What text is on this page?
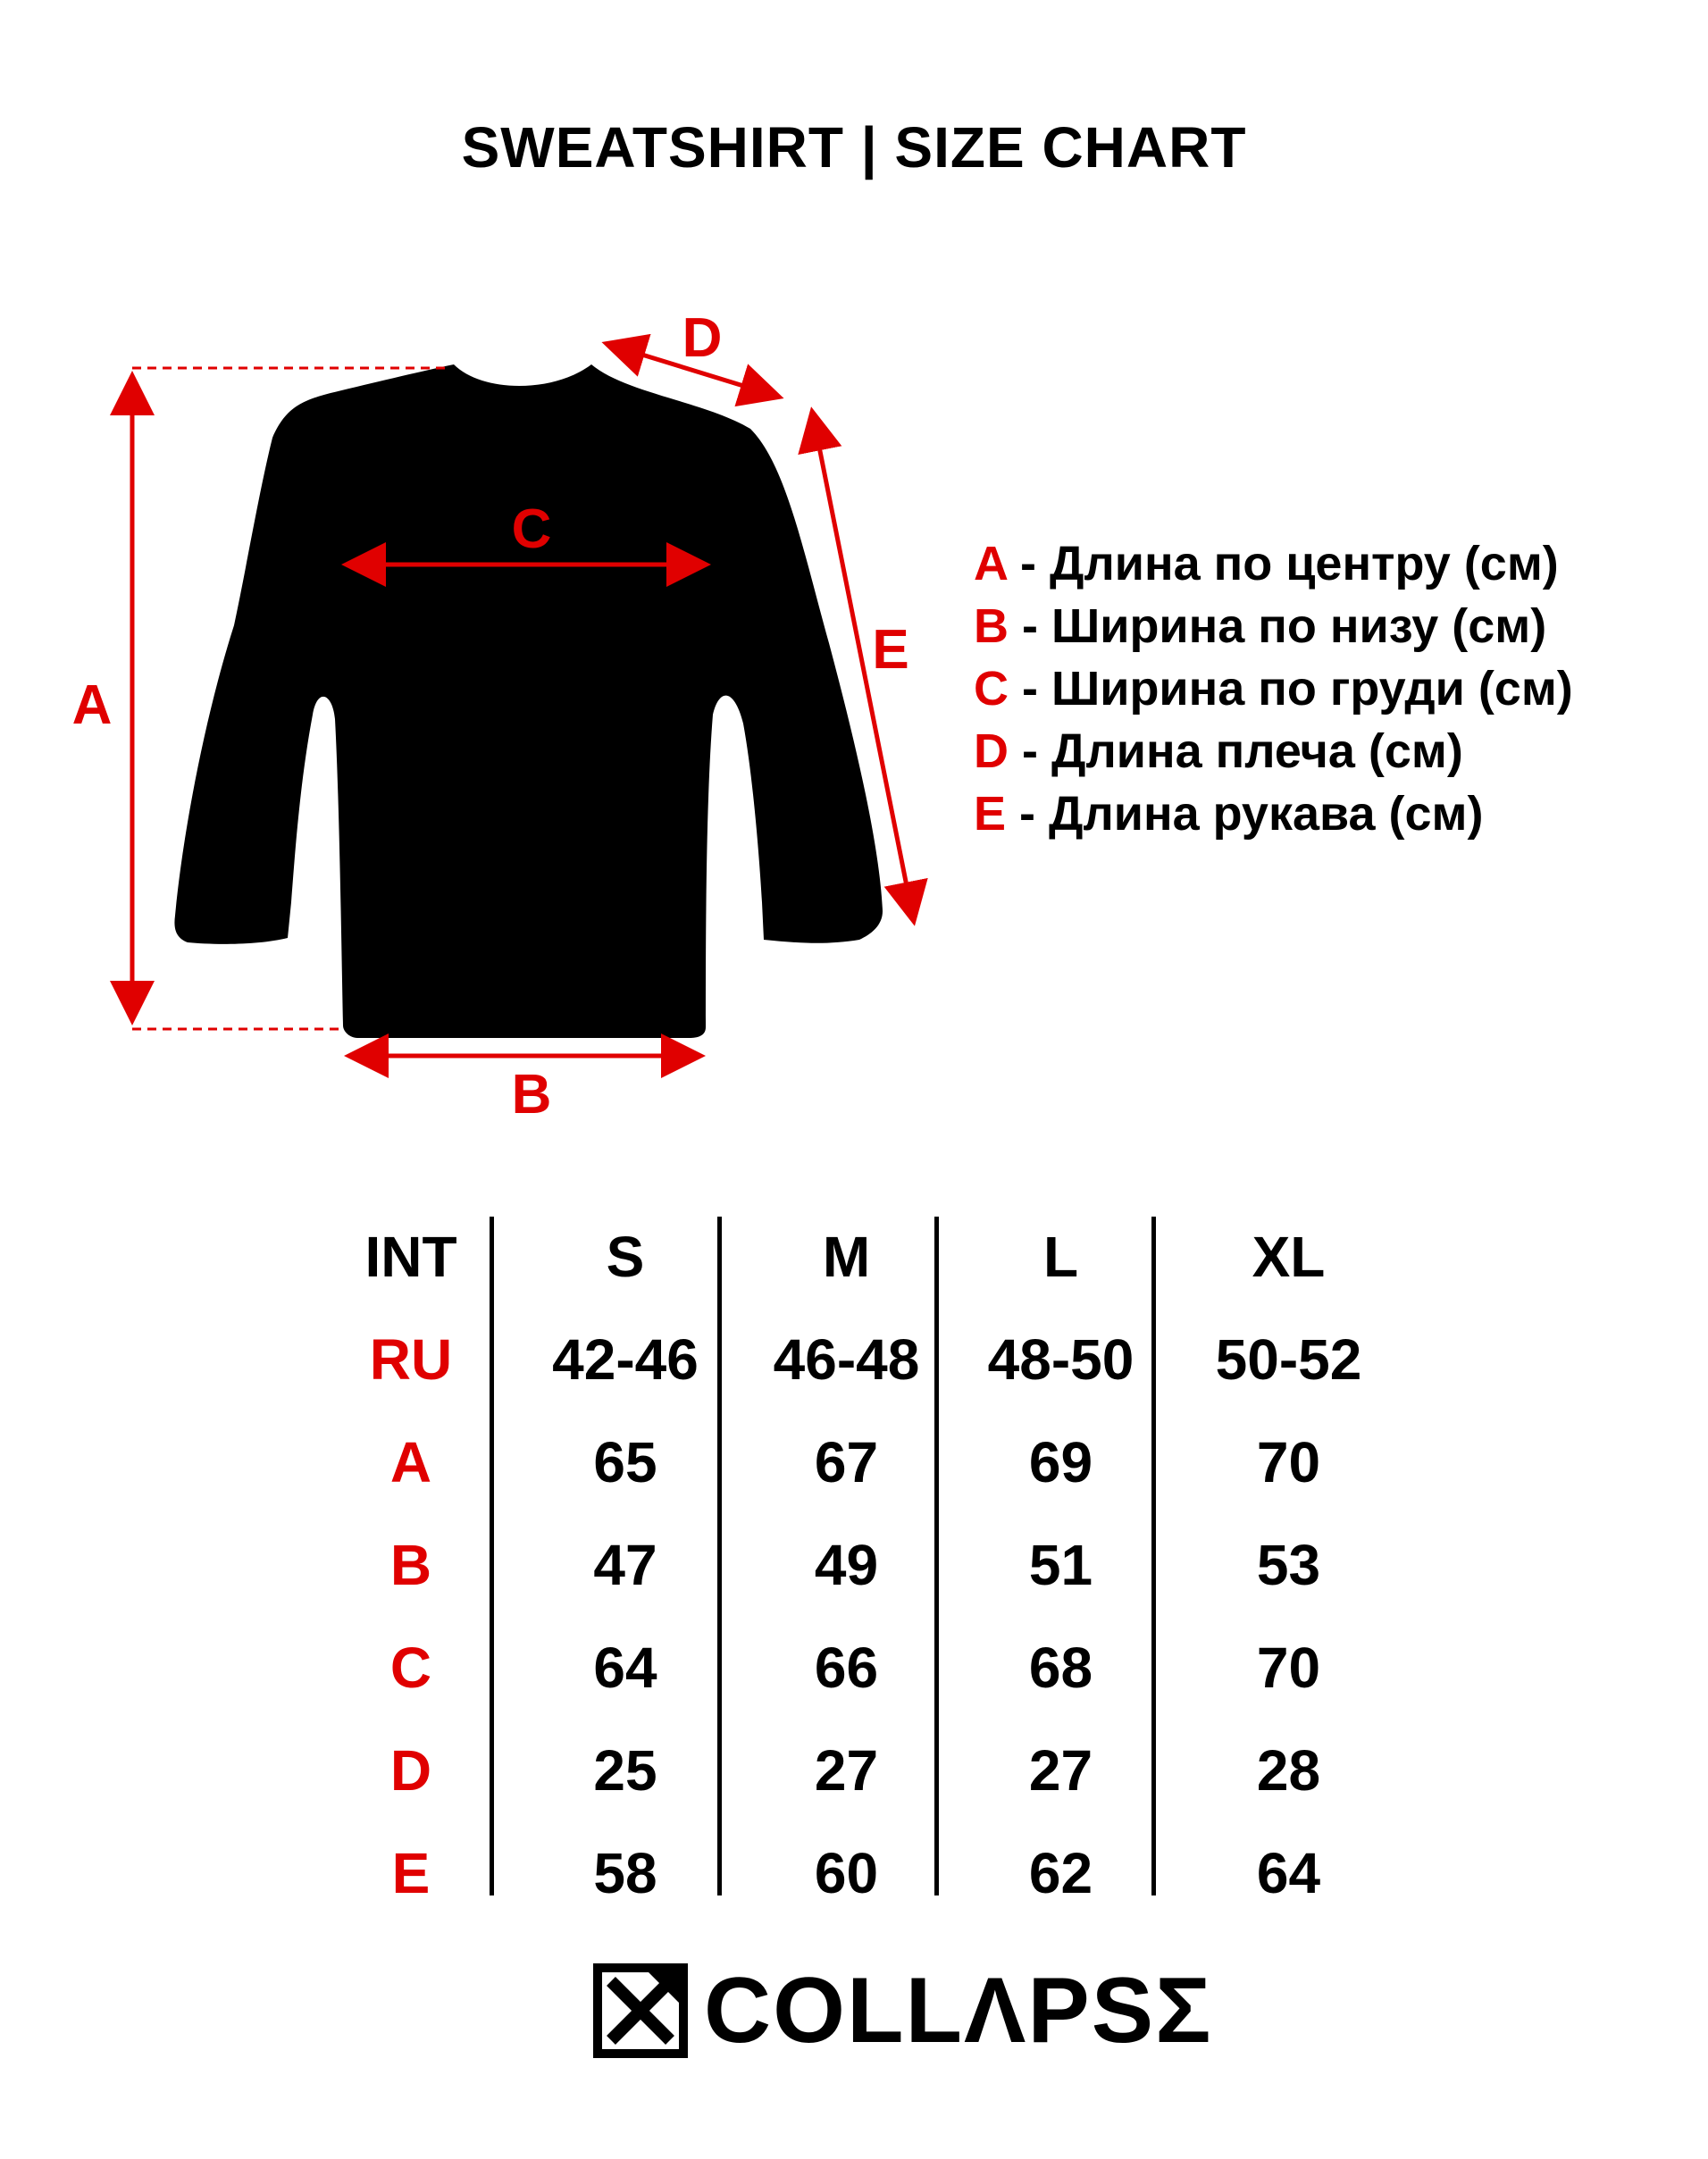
SWEATSHIRT | SIZE CHART
A
B
C
D
E
A - Длина по центру (см)
B - Ширина по низу (см)
C - Ширина по груди (см)
D - Длина плеча (см)
E - Длина рукава (см)
INT	S	M	L	XL
RU	42-46	46-48	48-50	50-52
A	65	67	69	70
B	47	49	51	53
C	64	66	68	70
D	25	27	27	28
E	58	60	62	64
COLLΛPSΣ
